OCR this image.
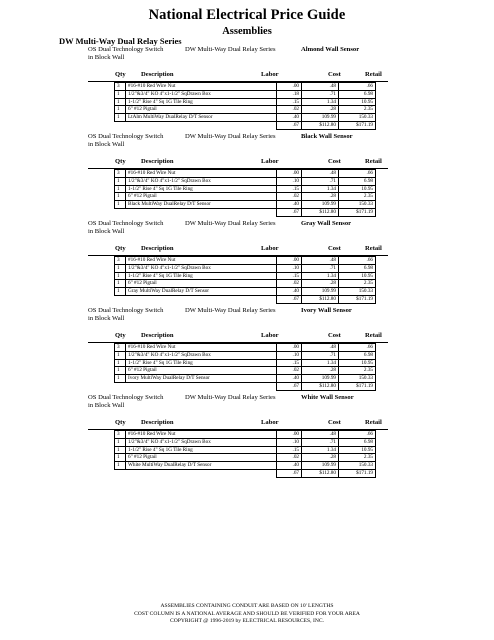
National Electrical Price Guide
Assemblies
DW Multi-Way Dual Relay Series
OS Dual Technology Switch
in Block Wall
DW Multi-Way Dual Relay Series	Almond Wall Sensor
Qty Description	Labor	Cost	Retail
3	#16-#10 Red Wire Nut	.00	.48	.66
1	1/2"&3/4" KO 4"x1-1/2" SqDrawn Box	.18	.71	6.98
1	1-1/2" Rise 4" Sq 1G Tile Ring	.15	1.34	10.95
1	6" #12 Pigtail	.02	.28	2.35
1	LtAlm MultiWay DualRelay D/T Sensor	.40	109.99	150.33
		.67	$112.80	$171.19
OS Dual Technology Switch
in Block Wall
DW Multi-Way Dual Relay Series	Black Wall Sensor
Qty Description	Labor	Cost	Retail
3	#16-#10 Red Wire Nut	.00	.48	.66
1	1/2"&3/4" KO 4"x1-1/2" SqDrawn Box	.10	.71	6.98
1	1-1/2" Rise 4" Sq 1G Tile Ring	.15	1.34	10.95
1	6" #12 Pigtail	.02	.28	2.35
1	Black MultiWay DualRelay D/T Sensor	.40	109.99	150.33
		.67	$112.80	$171.19
OS Dual Technology Switch
in Block Wall
DW Multi-Way Dual Relay Series	Gray Wall Sensor
Qty Description	Labor	Cost	Retail
3	#16-#10 Red Wire Nut	.00	.48	.66
1	1/2"&3/4" KO 4"x1-1/2" SqDrawn Box	.10	.71	6.98
1	1-1/2" Rise 4" Sq 1G Tile Ring	.15	1.34	10.95
1	6" #12 Pigtail	.02	.28	2.35
1	Gray MultiWay DualRelay D/T Sensor	.40	109.99	150.33
		.67	$112.80	$171.19
OS Dual Technology Switch
in Block Wall
DW Multi-Way Dual Relay Series	Ivory Wall Sensor
Qty Description	Labor	Cost	Retail
3	#16-#10 Red Wire Nut	.00	.48	.66
1	1/2"&3/4" KO 4"x1-1/2" SqDrawn Box	.10	.71	6.98
1	1-1/2" Rise 4" Sq 1G Tile Ring	.15	1.34	10.95
1	6" #12 Pigtail	.02	.28	2.35
1	Ivory MultiWay DualRelay D/T Sensor	.40	109.99	150.33
		.67	$112.80	$171.19
OS Dual Technology Switch
in Block Wall
DW Multi-Way Dual Relay Series	White Wall Sensor
Qty Description	Labor	Cost	Retail
3	#16-#10 Red Wire Nut	.00	.48	.66
1	1/2"&3/4" KO 4"x1-1/2" SqDrawn Box	.10	.71	6.98
1	1-1/2" Rise 4" Sq 1G Tile Ring	.15	1.34	10.95
1	6" #12 Pigtail	.02	.28	2.35
1	White MultiWay DualRelay D/T Sensor	.40	109.99	150.33
		.67	$112.80	$171.19
ASSEMBLIES CONTAINING CONDUIT ARE BASED ON 10' LENGTHS
COST COLUMN IS A NATIONAL AVERAGE AND SHOULD BE VERIFIED FOR YOUR AREA
COPYRIGHT @ 1996-2019 by ELECTRICAL RESOURCES, INC.
